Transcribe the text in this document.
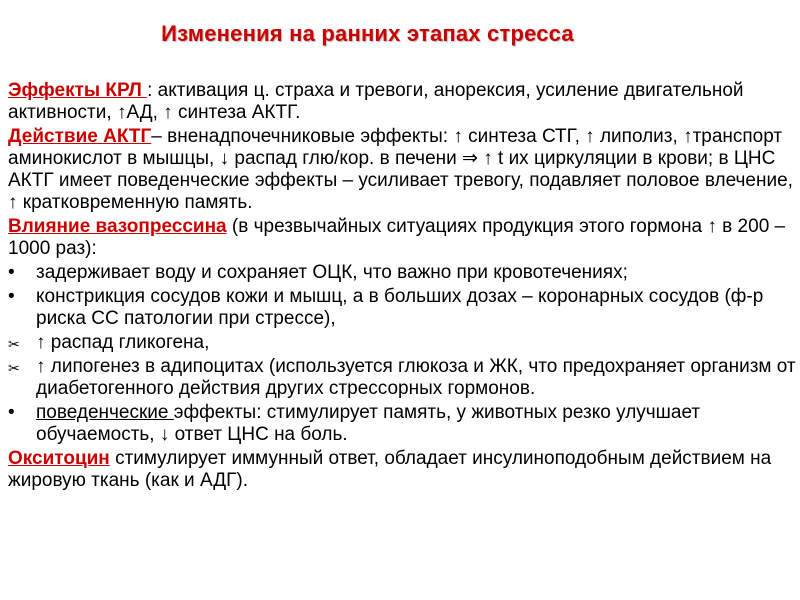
Изменения на ранних этапах стресса
Эффекты КРЛ : активация ц. страха и тревоги, анорексия, усиление двигательной активности, ↑ АД, ↑ синтеза АКТГ.
Действие АКТГ– вненадпочечниковые эффекты: ↑ синтеза СТГ, ↑ липолиз, ↑ транспорт аминокислот в мышцы, ↓ распад глю/кор. в печени ⇒ ↑ t их циркуляции в крови; в ЦНС АКТГ имеет поведенческие эффекты – усиливает тревогу, подавляет половое влечение, ↑ кратковременную память.
Влияние вазопрессина (в чрезвычайных ситуациях продукция этого гормона ↑ в 200 –1000 раз):
•
задерживает воду и сохраняет ОЦК, что важно при кровотечениях;
•
констрикция сосудов кожи и мышц, а в больших дозах – коронарных сосудов (ф-р риска СС патологии при стрессе),
✂ ↑	распад гликогена,
✂ ↑	липогенез в адипоцитах (используется глюкоза и ЖК, что предохраняет организм от диабетогенного действия других стрессорных гормонов.
•
поведенческие эффекты: стимулирует память, у животных резко улучшает обучаемость, ↓ ответ ЦНС на боль.
Окситоцин стимулирует иммунный ответ, обладает инсулиноподобным действием на жировую ткань (как и АДГ).
